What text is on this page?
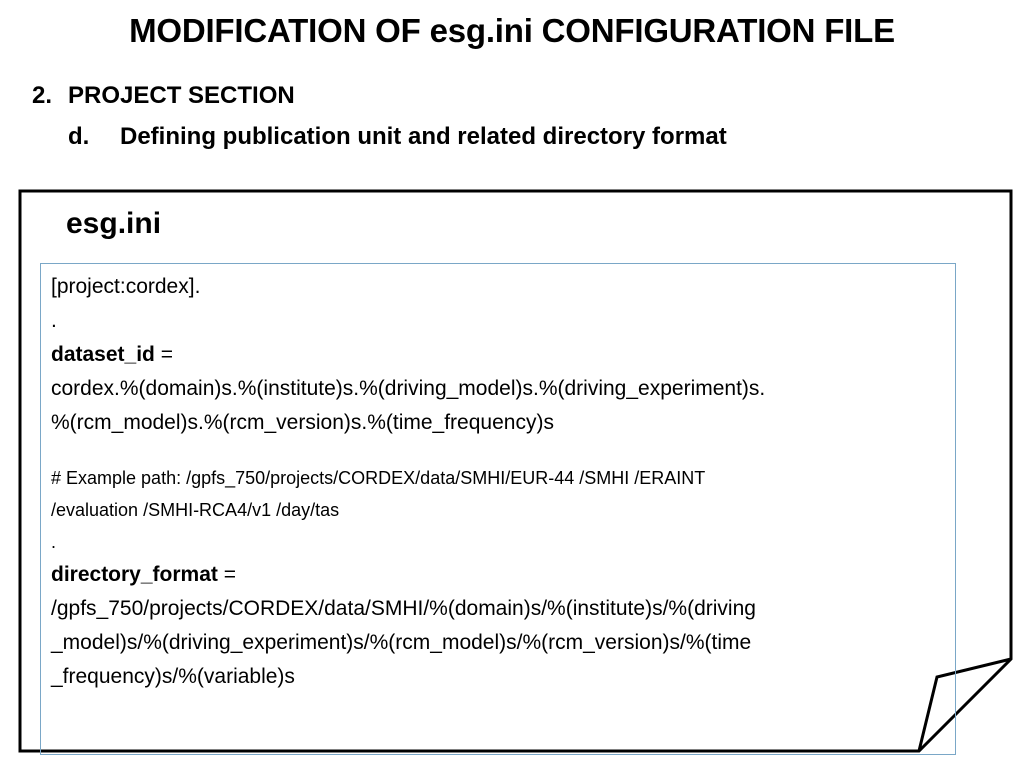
MODIFICATION OF esg.ini CONFIGURATION FILE
2. PROJECT SECTION
d. Defining publication unit and related directory format
esg.ini
[project:cordex].
.
dataset_id =
cordex.%(domain)s.%(institute)s.%(driving_model)s.%(driving_experiment)s.
%(rcm_model)s.%(rcm_version)s.%(time_frequency)s
# Example path: /gpfs_750/projects/CORDEX/data/SMHI/EUR-44 /SMHI /ERAINT
/evaluation /SMHI-RCA4/v1 /day/tas
.
directory_format =
/gpfs_750/projects/CORDEX/data/SMHI/%(domain)s/%(institute)s/%(driving
_model)s/%(driving_experiment)s/%(rcm_model)s/%(rcm_version)s/%(time
_frequency)s/%(variable)s
